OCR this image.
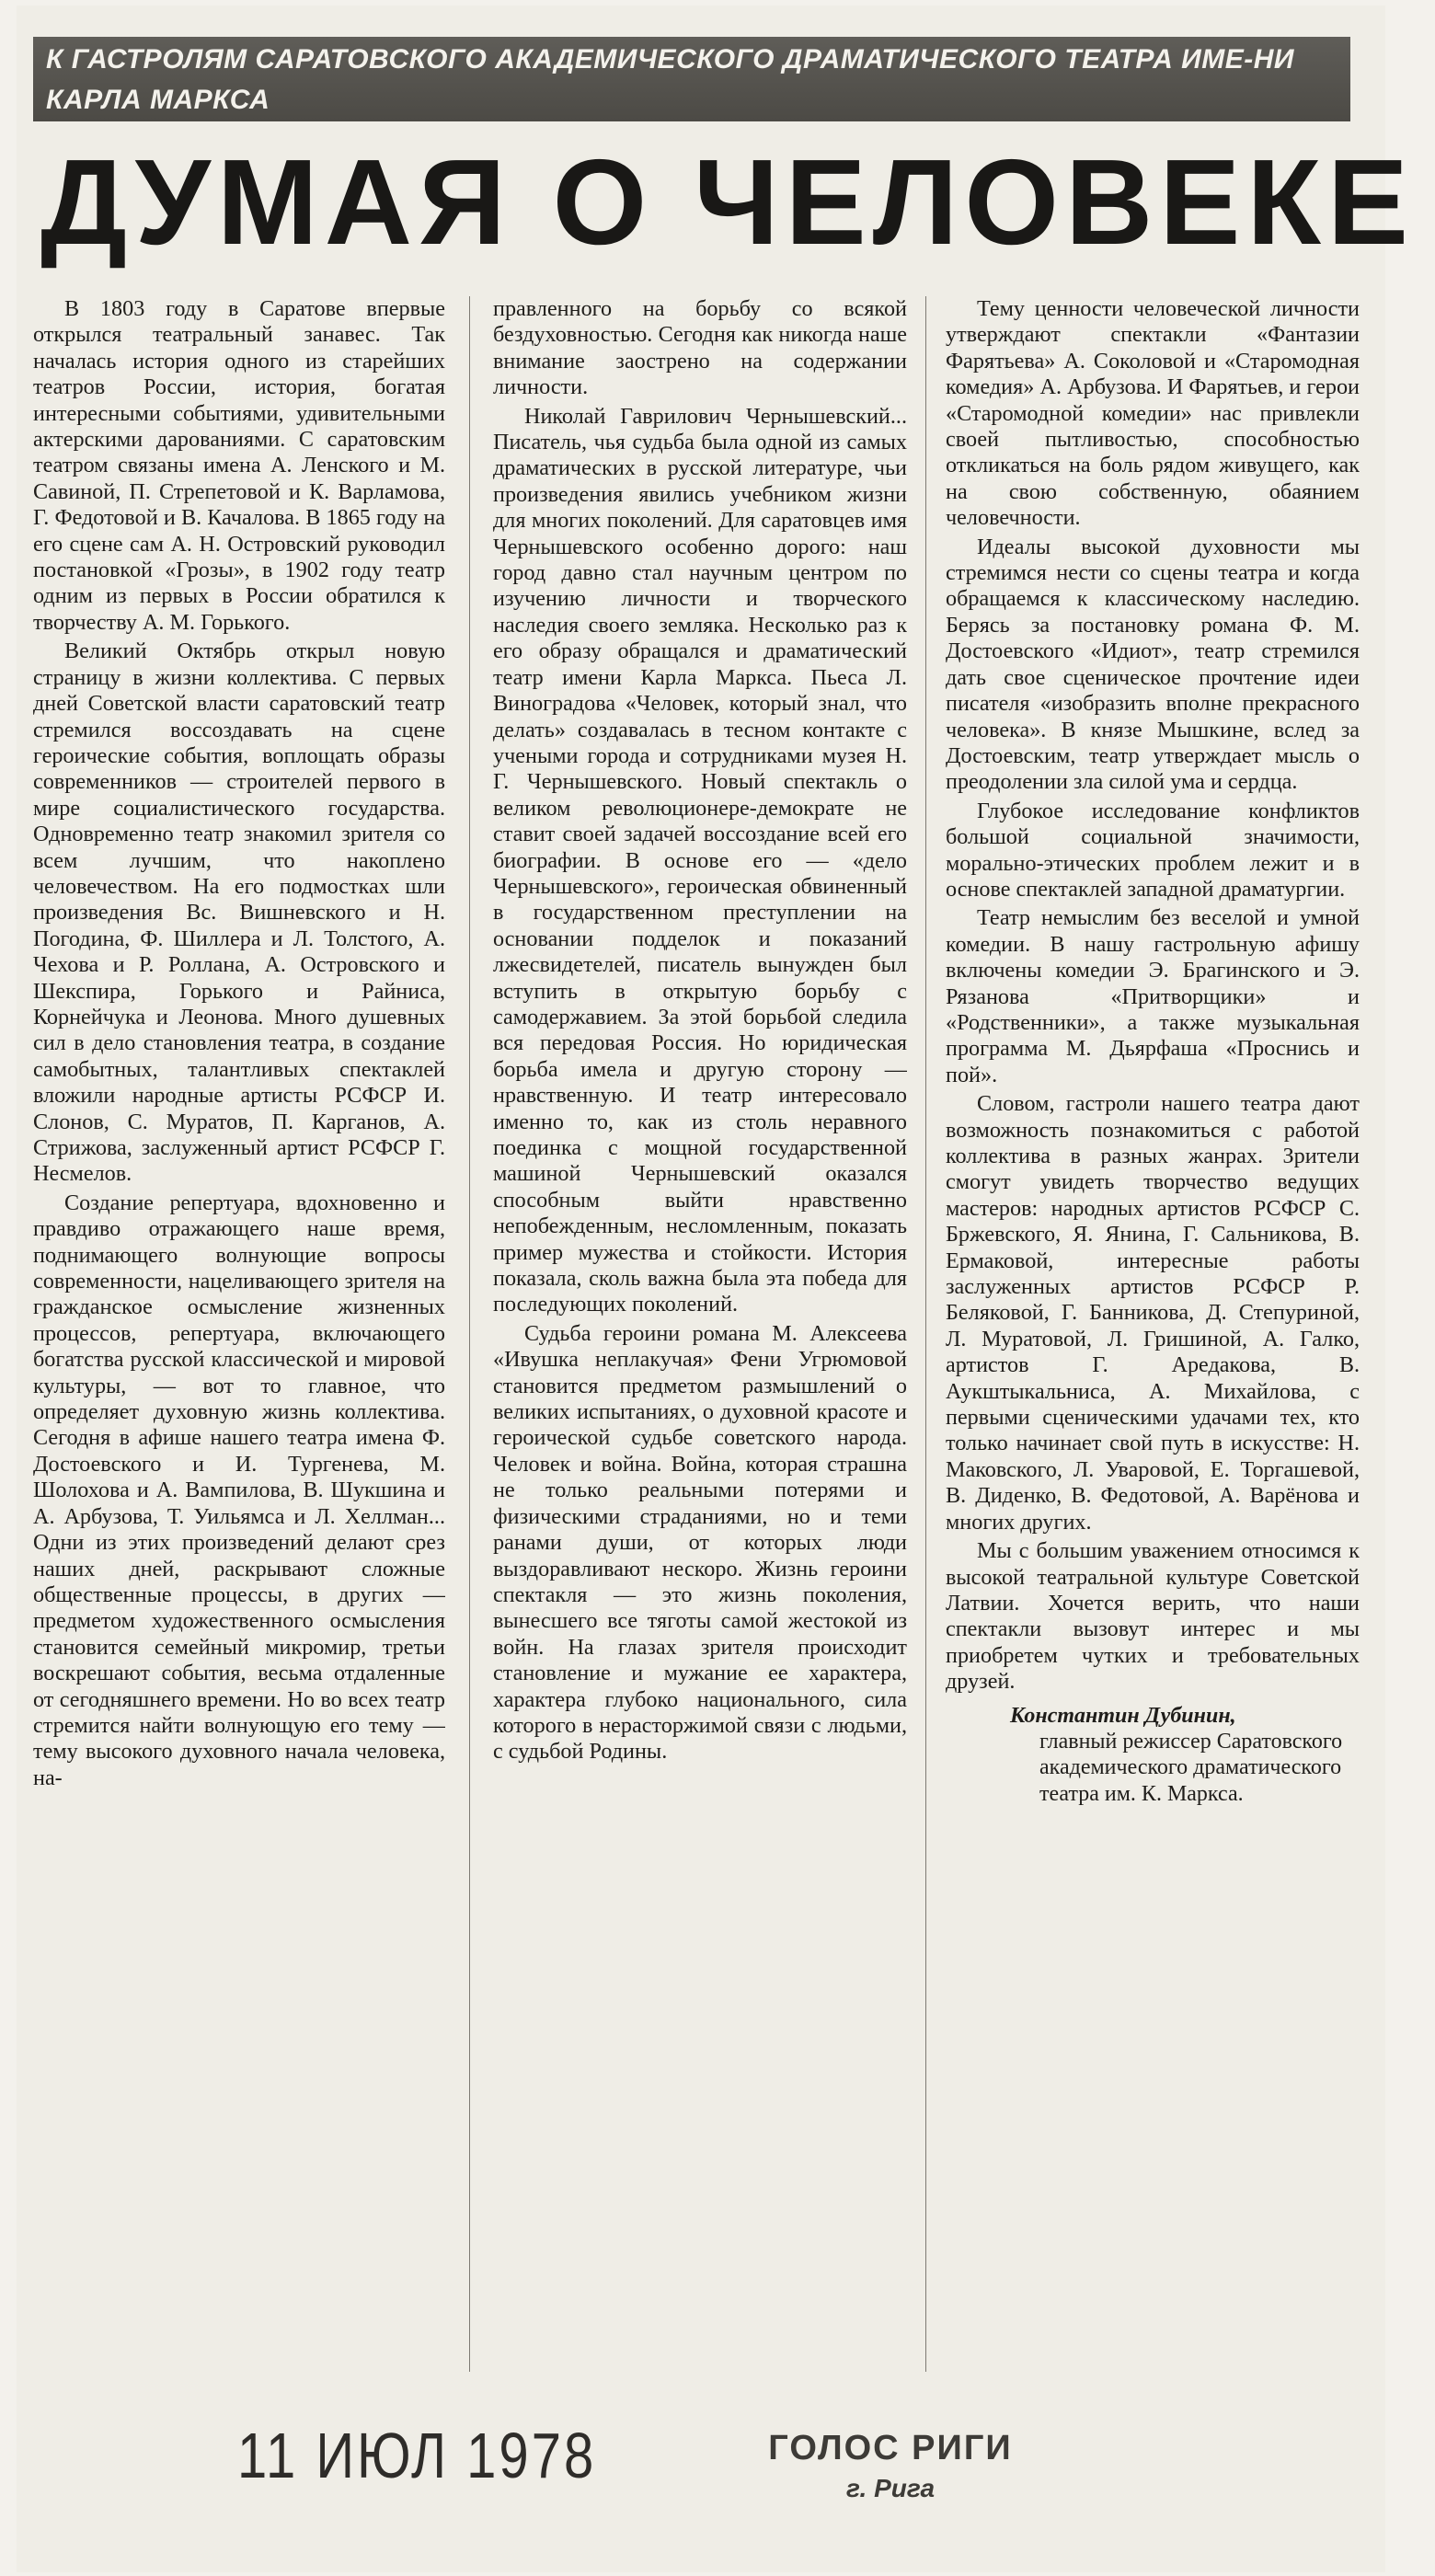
К ГАСТРОЛЯМ САРАТОВСКОГО АКАДЕМИЧЕСКОГО ДРАМАТИЧЕСКОГО ТЕАТРА ИМЕ-НИ КАРЛА МАРКСА
ДУМАЯ О ЧЕЛОВЕКЕ

В 1803 году в Саратове впервые открылся театральный занавес. Так началась история одного из старейших театров России, история, богатая интересными событиями, удивительными актерскими дарованиями. С саратовским театром связаны имена А. Ленского и М. Савиной, П. Стрепетовой и К. Варламова, Г. Федотовой и В. Качалова. В 1865 году на его сцене сам А. Н. Островский руководил постановкой «Грозы», в 1902 году театр одним из первых в России обратился к творчеству А. М. Горького.

Великий Октябрь открыл новую страницу в жизни коллектива. С первых дней Советской власти саратовский театр стремился воссоздавать на сцене героические события, воплощать образы современников — строителей первого в мире социалистического государства. Одновременно театр знакомил зрителя со всем лучшим, что накоплено человечеством. На его подмостках шли произведения Вс. Вишневского и Н. Погодина, Ф. Шиллера и Л. Толстого, А. Чехова и Р. Роллана, А. Островского и Шекспира, Горького и Райниса, Корнейчука и Леонова. Много душевных сил в дело становления театра, в создание самобытных, талантливых спектаклей вложили народные артисты РСФСР И. Слонов, С. Муратов, П. Карганов, А. Стрижова, заслуженный артист РСФСР Г. Несмелов.

Создание репертуара, вдохновенно и правдиво отражающего наше время, поднимающего волнующие вопросы современности, нацеливающего зрителя на гражданское осмысление жизненных процессов, репертуара, включающего богатства русской классической и мировой культуры, — вот то главное, что определяет духовную жизнь коллектива. Сегодня в афише нашего театра имена Ф. Достоевского и И. Тургенева, М. Шолохова и А. Вампилова, В. Шукшина и А. Арбузова, Т. Уильямса и Л. Хеллман... Одни из этих произведений делают срез наших дней, раскрывают сложные общественные процессы, в других — предметом художественного осмысления становится семейный микромир, третьи воскрешают события, весьма отдаленные от сегодняшнего времени. Но во всех театр стремится найти волнующую его тему — тему высокого духовного начала человека, на-

правленного на борьбу со всякой бездуховностью. Сегодня как никогда наше внимание заострено на содержании личности.

Николай Гаврилович Чернышевский... Писатель, чья судьба была одной из самых драматических в русской литературе, чьи произведения явились учебником жизни для многих поколений. Для саратовцев имя Чернышевского особенно дорого: наш город давно стал научным центром по изучению личности и творческого наследия своего земляка. Несколько раз к его образу обращался и драматический театр имени Карла Маркса. Пьеса Л. Виноградова «Человек, который знал, что делать» создавалась в тесном контакте с учеными города и сотрудниками музея Н. Г. Чернышевского. Новый спектакль о великом революционере-демократе не ставит своей задачей воссоздание всей его биографии. В основе его — «дело Чернышевского», героическая обвиненный в государственном преступлении на основании подделок и показаний лжесвидетелей, писатель вынужден был вступить в открытую борьбу с самодержавием. За этой борьбой следила вся передовая Россия. Но юридическая борьба имела и другую сторону — нравственную. И театр интересовало именно то, как из столь неравного поединка с мощной государственной машиной Чернышевский оказался способным выйти нравственно непобежденным, несломленным, показать пример мужества и стойкости. История показала, сколь важна была эта победа для последующих поколений.

Судьба героини романа М. Алексеева «Ивушка неплакучая» Фени Угрюмовой становится предметом размышлений о великих испытаниях, о духовной красоте и героической судьбе советского народа. Человек и война. Война, которая страшна не только реальными потерями и физическими страданиями, но и теми ранами души, от которых люди выздоравливают нескоро. Жизнь героини спектакля — это жизнь поколения, вынесшего все тяготы самой жестокой из войн. На глазах зрителя происходит становление и мужание ее характера, характера глубоко национального, сила которого в нерасторжимой связи с людьми, с судьбой Родины.

Тему ценности человеческой личности утверждают спектакли «Фантазии Фарятьева» А. Соколовой и «Старомодная комедия» А. Арбузова. И Фарятьев, и герои «Старомодной комедии» нас привлекли своей пытливостью, способностью откликаться на боль рядом живущего, как на свою собственную, обаянием человечности.

Идеалы высокой духовности мы стремимся нести со сцены театра и когда обращаемся к классическому наследию. Берясь за постановку романа Ф. М. Достоевского «Идиот», театр стремился дать свое сценическое прочтение идеи писателя «изобразить вполне прекрасного человека». В князе Мышкине, вслед за Достоевским, театр утверждает мысль о преодолении зла силой ума и сердца.

Глубокое исследование конфликтов большой социальной значимости, морально-этических проблем лежит и в основе спектаклей западной драматургии.

Театр немыслим без веселой и умной комедии. В нашу гастрольную афишу включены комедии Э. Брагинского и Э. Рязанова «Притворщики» и «Родственники», а также музыкальная программа М. Дьярфаша «Проснись и пой».

Словом, гастроли нашего театра дают возможность познакомиться с работой коллектива в разных жанрах. Зрители смогут увидеть творчество ведущих мастеров: народных артистов РСФСР С. Бржевского, Я. Янина, Г. Сальникова, В. Ермаковой, интересные работы заслуженных артистов РСФСР Р. Беляковой, Г. Банникова, Д. Степуриной, Л. Муратовой, Л. Гришиной, А. Галко, артистов Г. Аредакова, В. Аукштыкальниса, А. Михайлова, с первыми сценическими удачами тех, кто только начинает свой путь в искусстве: Н. Маковского, Л. Уваровой, Е. Торгашевой, В. Диденко, В. Федотовой, А. Варёнова и многих других.

Мы с большим уважением относимся к высокой театральной культуре Советской Латвии. Хочется верить, что наши спектакли вызовут интерес и мы приобретем чутких и требовательных друзей.

Константин Дубинин,
главный режиссер Саратовского академического драматического театра им. К. Маркса.
11 ИЮЛ 1978	ГОЛОС РИГИ
г. Рига
